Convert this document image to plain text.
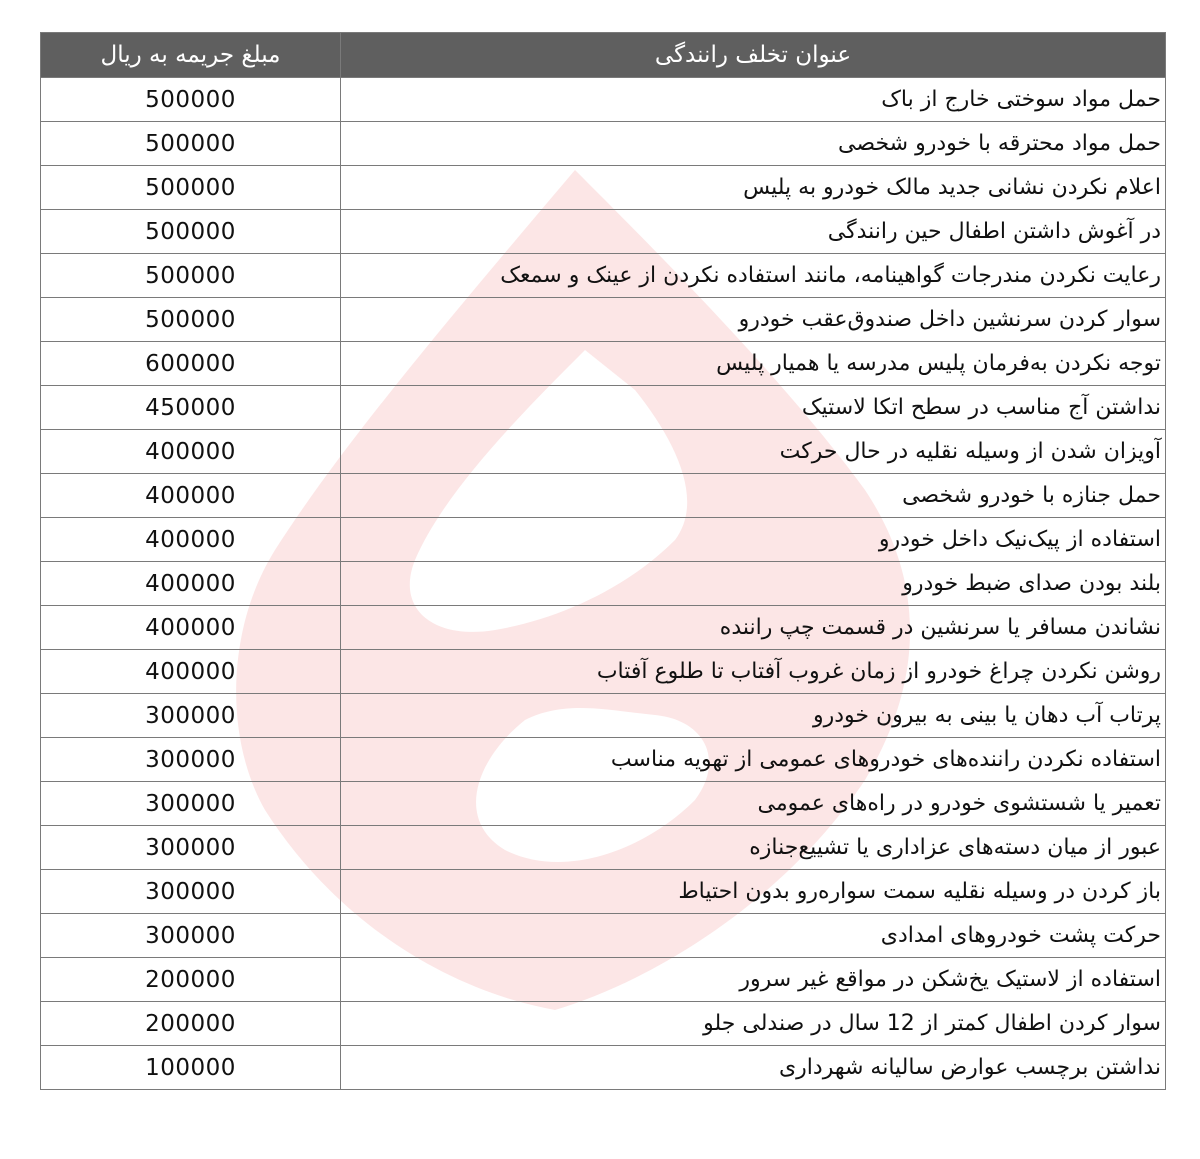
مبلغ جریمه به ریال	عنوان تخلف رانندگی
500000	حمل مواد سوختی خارج از باک
500000	حمل مواد محترقه با خودرو شخصی
500000	اعلام نکردن نشانی جدید مالک خودرو به پلیس
500000	در آغوش داشتن اطفال حین رانندگی
500000	رعایت نکردن مندرجات گواهینامه، مانند استفاده نکردن از عینک و سمعک
500000	سوار کردن سرنشین داخل صندوق‌عقب خودرو
600000	توجه نکردن به‌فرمان پلیس مدرسه یا همیار پلیس
450000	نداشتن آج مناسب در سطح اتکا لاستیک
400000	آویزان شدن از وسیله نقلیه در حال حرکت
400000	حمل جنازه با خودرو شخصی
400000	استفاده از پیک‌نیک داخل خودرو
400000	بلند بودن صدای ضبط خودرو
400000	نشاندن مسافر یا سرنشین در قسمت چپ راننده
400000	روشن نکردن چراغ خودرو از زمان غروب آفتاب تا طلوع آفتاب
300000	پرتاب آب دهان یا بینی به بیرون خودرو
300000	استفاده نکردن راننده‌های خودروهای عمومی از تهویه مناسب
300000	تعمیر یا شستشوی خودرو در راه‌های عمومی
300000	عبور از میان دسته‌های عزاداری یا تشییع‌جنازه
300000	باز کردن در وسیله نقلیه سمت سواره‌رو بدون احتیاط
300000	حرکت پشت خودروهای امدادی
200000	استفاده از لاستیک یخ‌شکن در مواقع غیر سرور
200000	سوار کردن اطفال کمتر از 12 سال در صندلی جلو
100000	نداشتن برچسب عوارض سالیانه شهرداری
